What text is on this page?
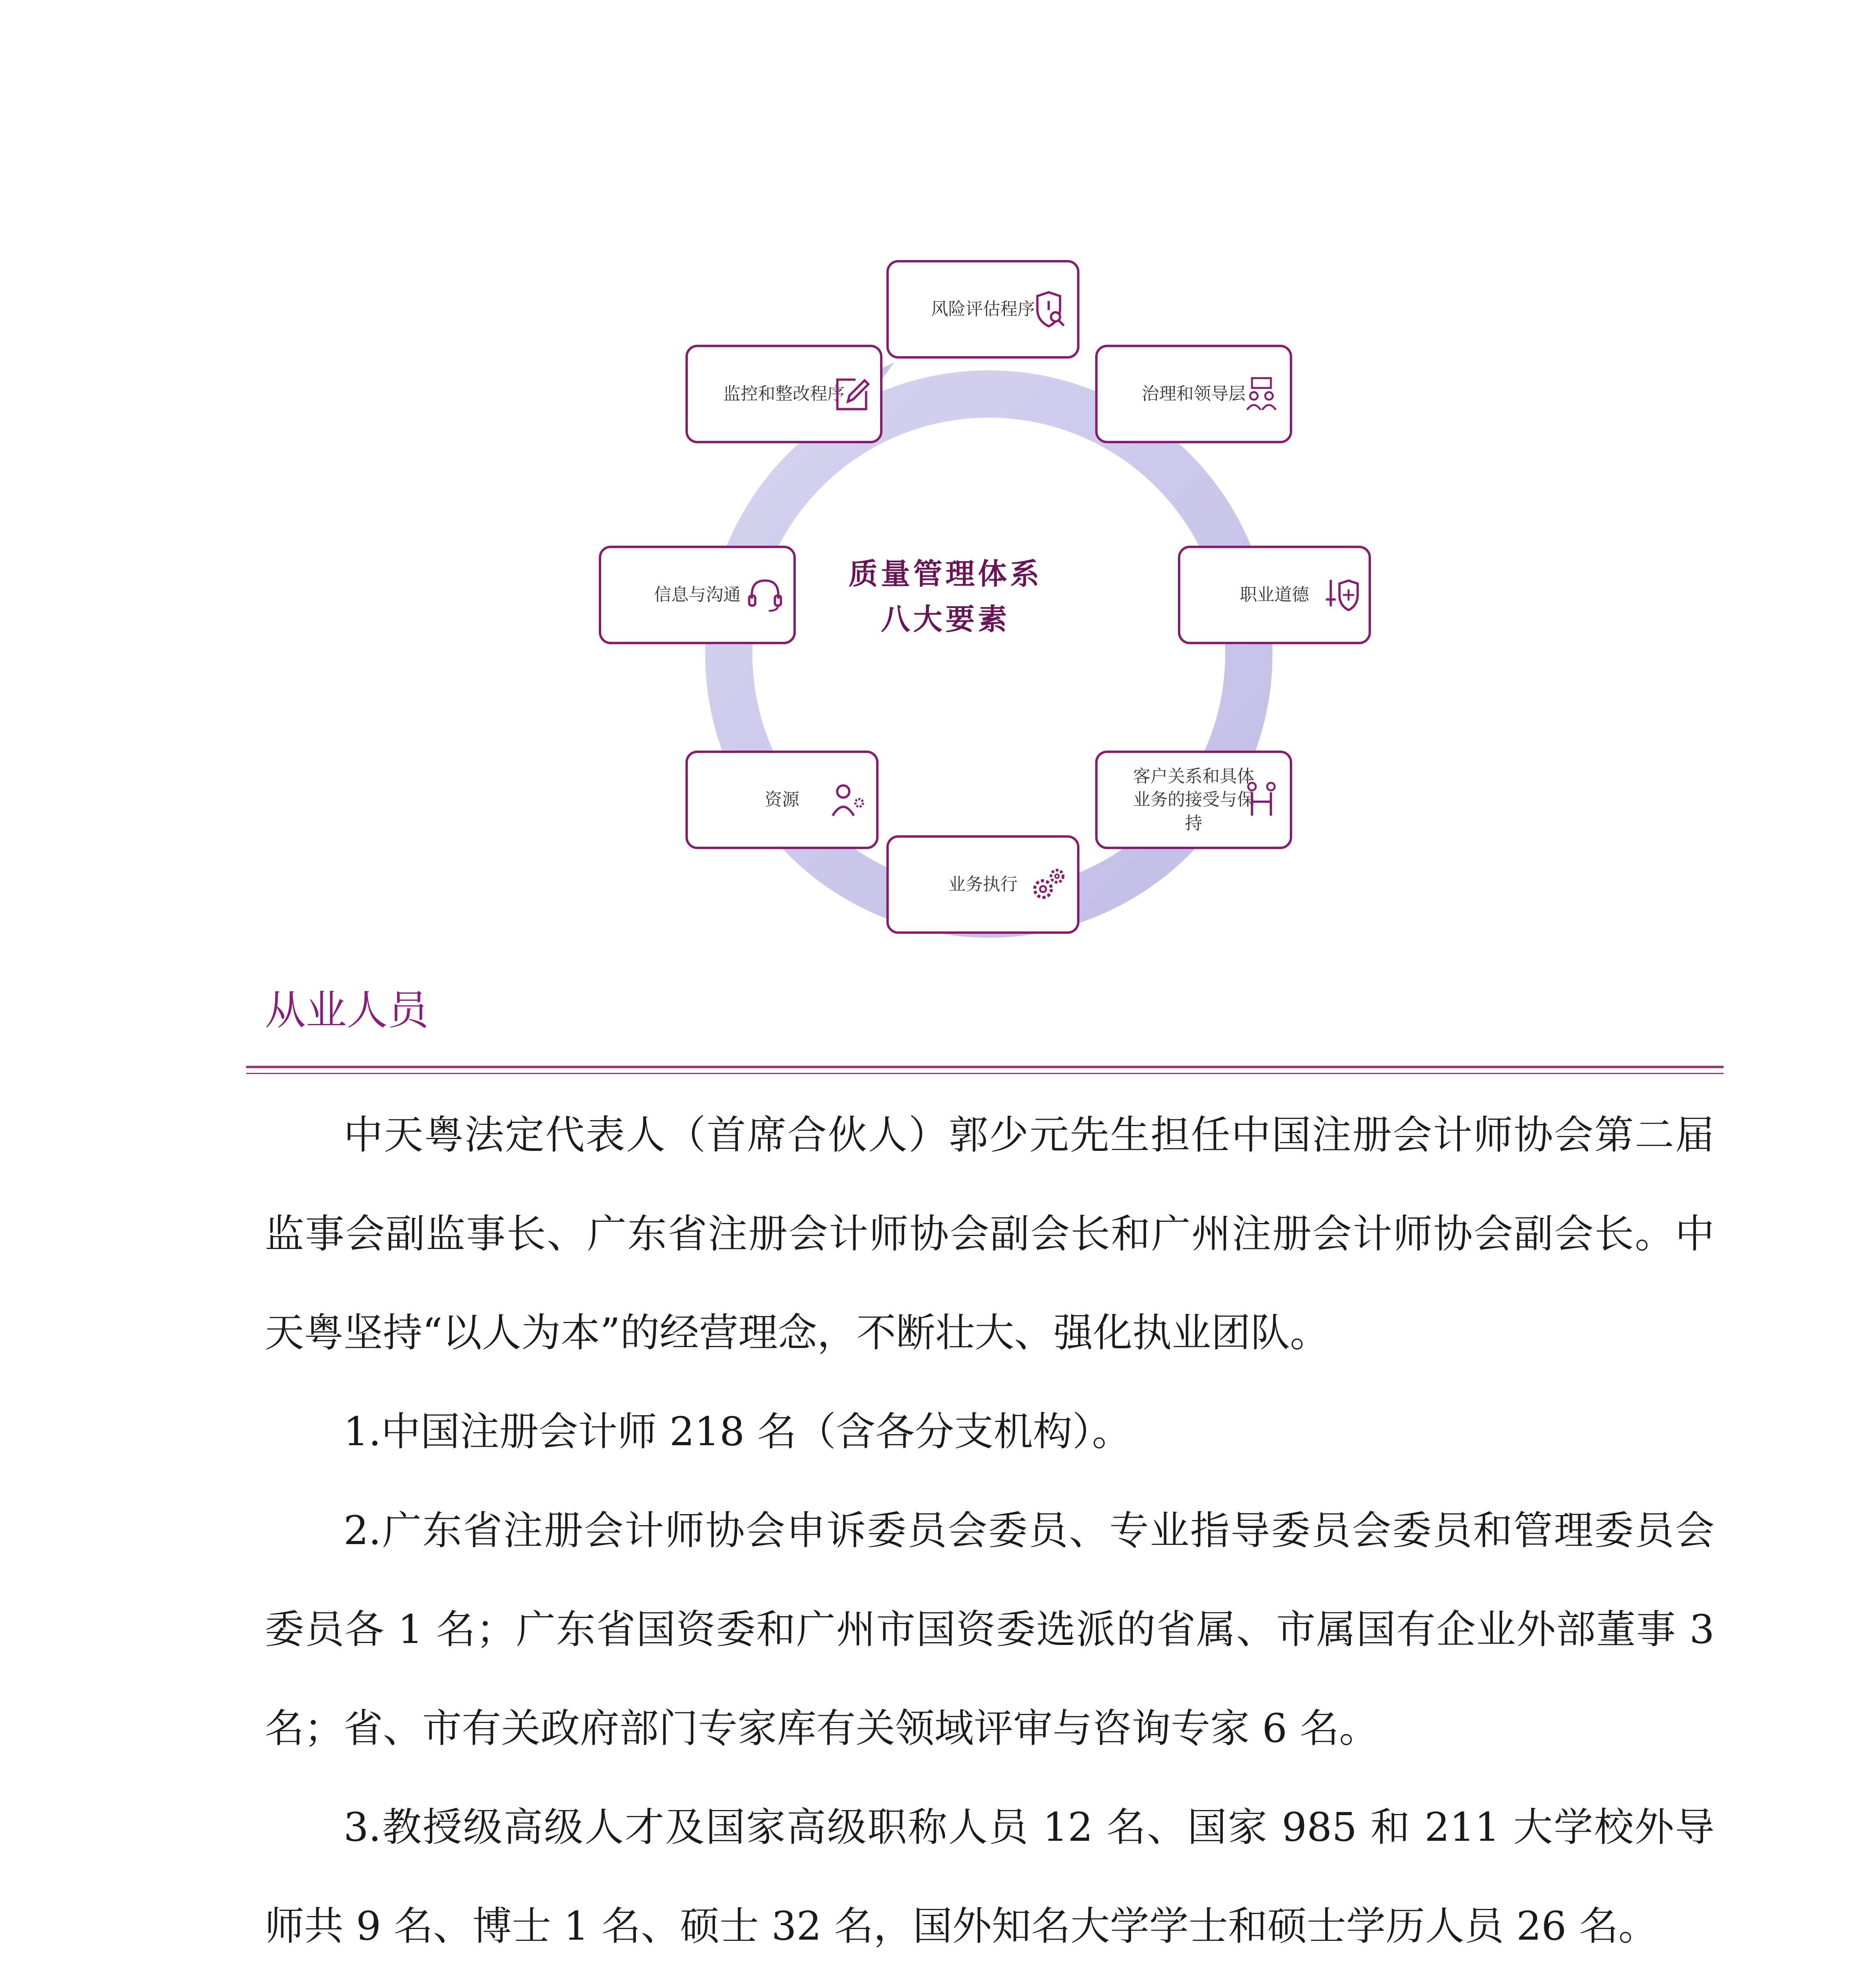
风险评估程序
治理和领导层
职业道德
客户关系和具体业务的接受与保持
业务执行
资源
信息与沟通
监控和整改程序
质量管理体系
八大要素
从业人员

中天粤法定代表人（首席合伙人）郭少元先生担任中国注册会计师协会第二届监事会副监事长、广东省注册会计师协会副会长和广州注册会计师协会副会长。中天粤坚持“以人为本”的经营理念，不断壮大、强化执业团队。

1.中国注册会计师 218 名（含各分支机构）。

2.广东省注册会计师协会申诉委员会委员、专业指导委员会委员和管理委员会委员各 1 名；广东省国资委和广州市国资委选派的省属、市属国有企业外部董事 3 名；省、市有关政府部门专家库有关领域评审与咨询专家 6 名。

3.教授级高级人才及国家高级职称人员 12 名、国家 985 和 211 大学校外导师共 9 名、博士 1 名、硕士 32 名，国外知名大学学士和硕士学历人员 26 名。
